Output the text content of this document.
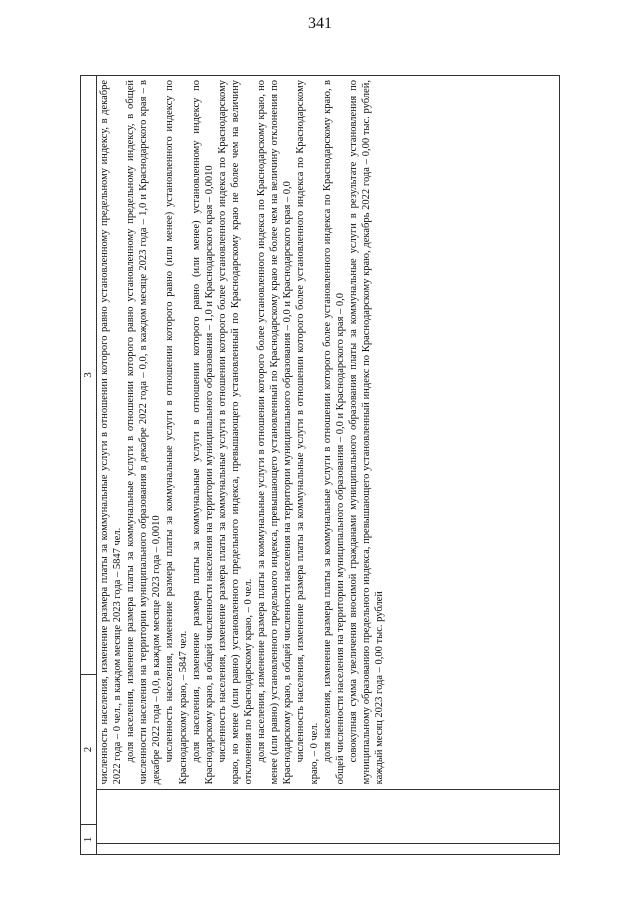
341
1
2
3 численность населения, изменение размера платы за коммунальные услуги в отношении которого равно установленному предельному индексу, в декабре 2022 года – 0 чел., в каждом месяце 2023 года – 5847 чел. доля населения, изменение размера платы за коммунальные услуги в отношении которого равно установленному предельному индексу, в общей численности населения на территории муниципального образования в декабре 2022 года – 0,0, в каждом месяце 2023 года – 1,0 и Краснодарского края – в декабре 2022 года – 0,0, в каждом месяце 2023 года – 0,0010 численность населения, изменение размера платы за коммунальные услуги в отношении которого равно (или менее) установленного индексу по Краснодарскому краю, – 5847 чел. доля населения, изменение размера платы за коммунальные услуги в отношении которого равно (или менее) установленному индексу по Краснодарскому краю, в общей численности населения на территории муниципального образования – 1,0 и Краснодарского края – 0,0010 численность населения, изменение размера платы за коммунальные услуги в отношении которого более установленного индекса по Краснодарскому краю, но менее (или равно) установленного предельного индекса, превышающего установленный по Краснодарскому краю не более чем на величину отклонения по Краснодарскому краю, – 0 чел. доля населения, изменение размера платы за коммунальные услуги в отношении которого более установленного индекса по Краснодарскому краю, но менее (или равно) установленного предельного индекса, превышающего установленный по Краснодарскому краю не более чем на величину отклонения по Краснодарскому краю, в общей численности населения на территории муниципального образования – 0,0 и Краснодарского края – 0,0 численность населения, изменение размера платы за коммунальные услуги в отношении которого более установленного индекса по Краснодарскому краю, – 0 чел. доля населения, изменение размера платы за коммунальные услуги в отношении которого более установленного индекса по Краснодарскому краю, в общей численности населения на территории муниципального образования – 0,0 и Краснодарского края – 0,0 совокупная сумма увеличения вносимой гражданами муниципального образования платы за коммунальные услуги в результате установления по муниципальному образованию предельного индекса, превышающего установленный индекс по Краснодарскому краю, декабрь 2022 года – 0,00 тыс. рублей, каждый месяц 2023 года – 0,00 тыс. рублей
